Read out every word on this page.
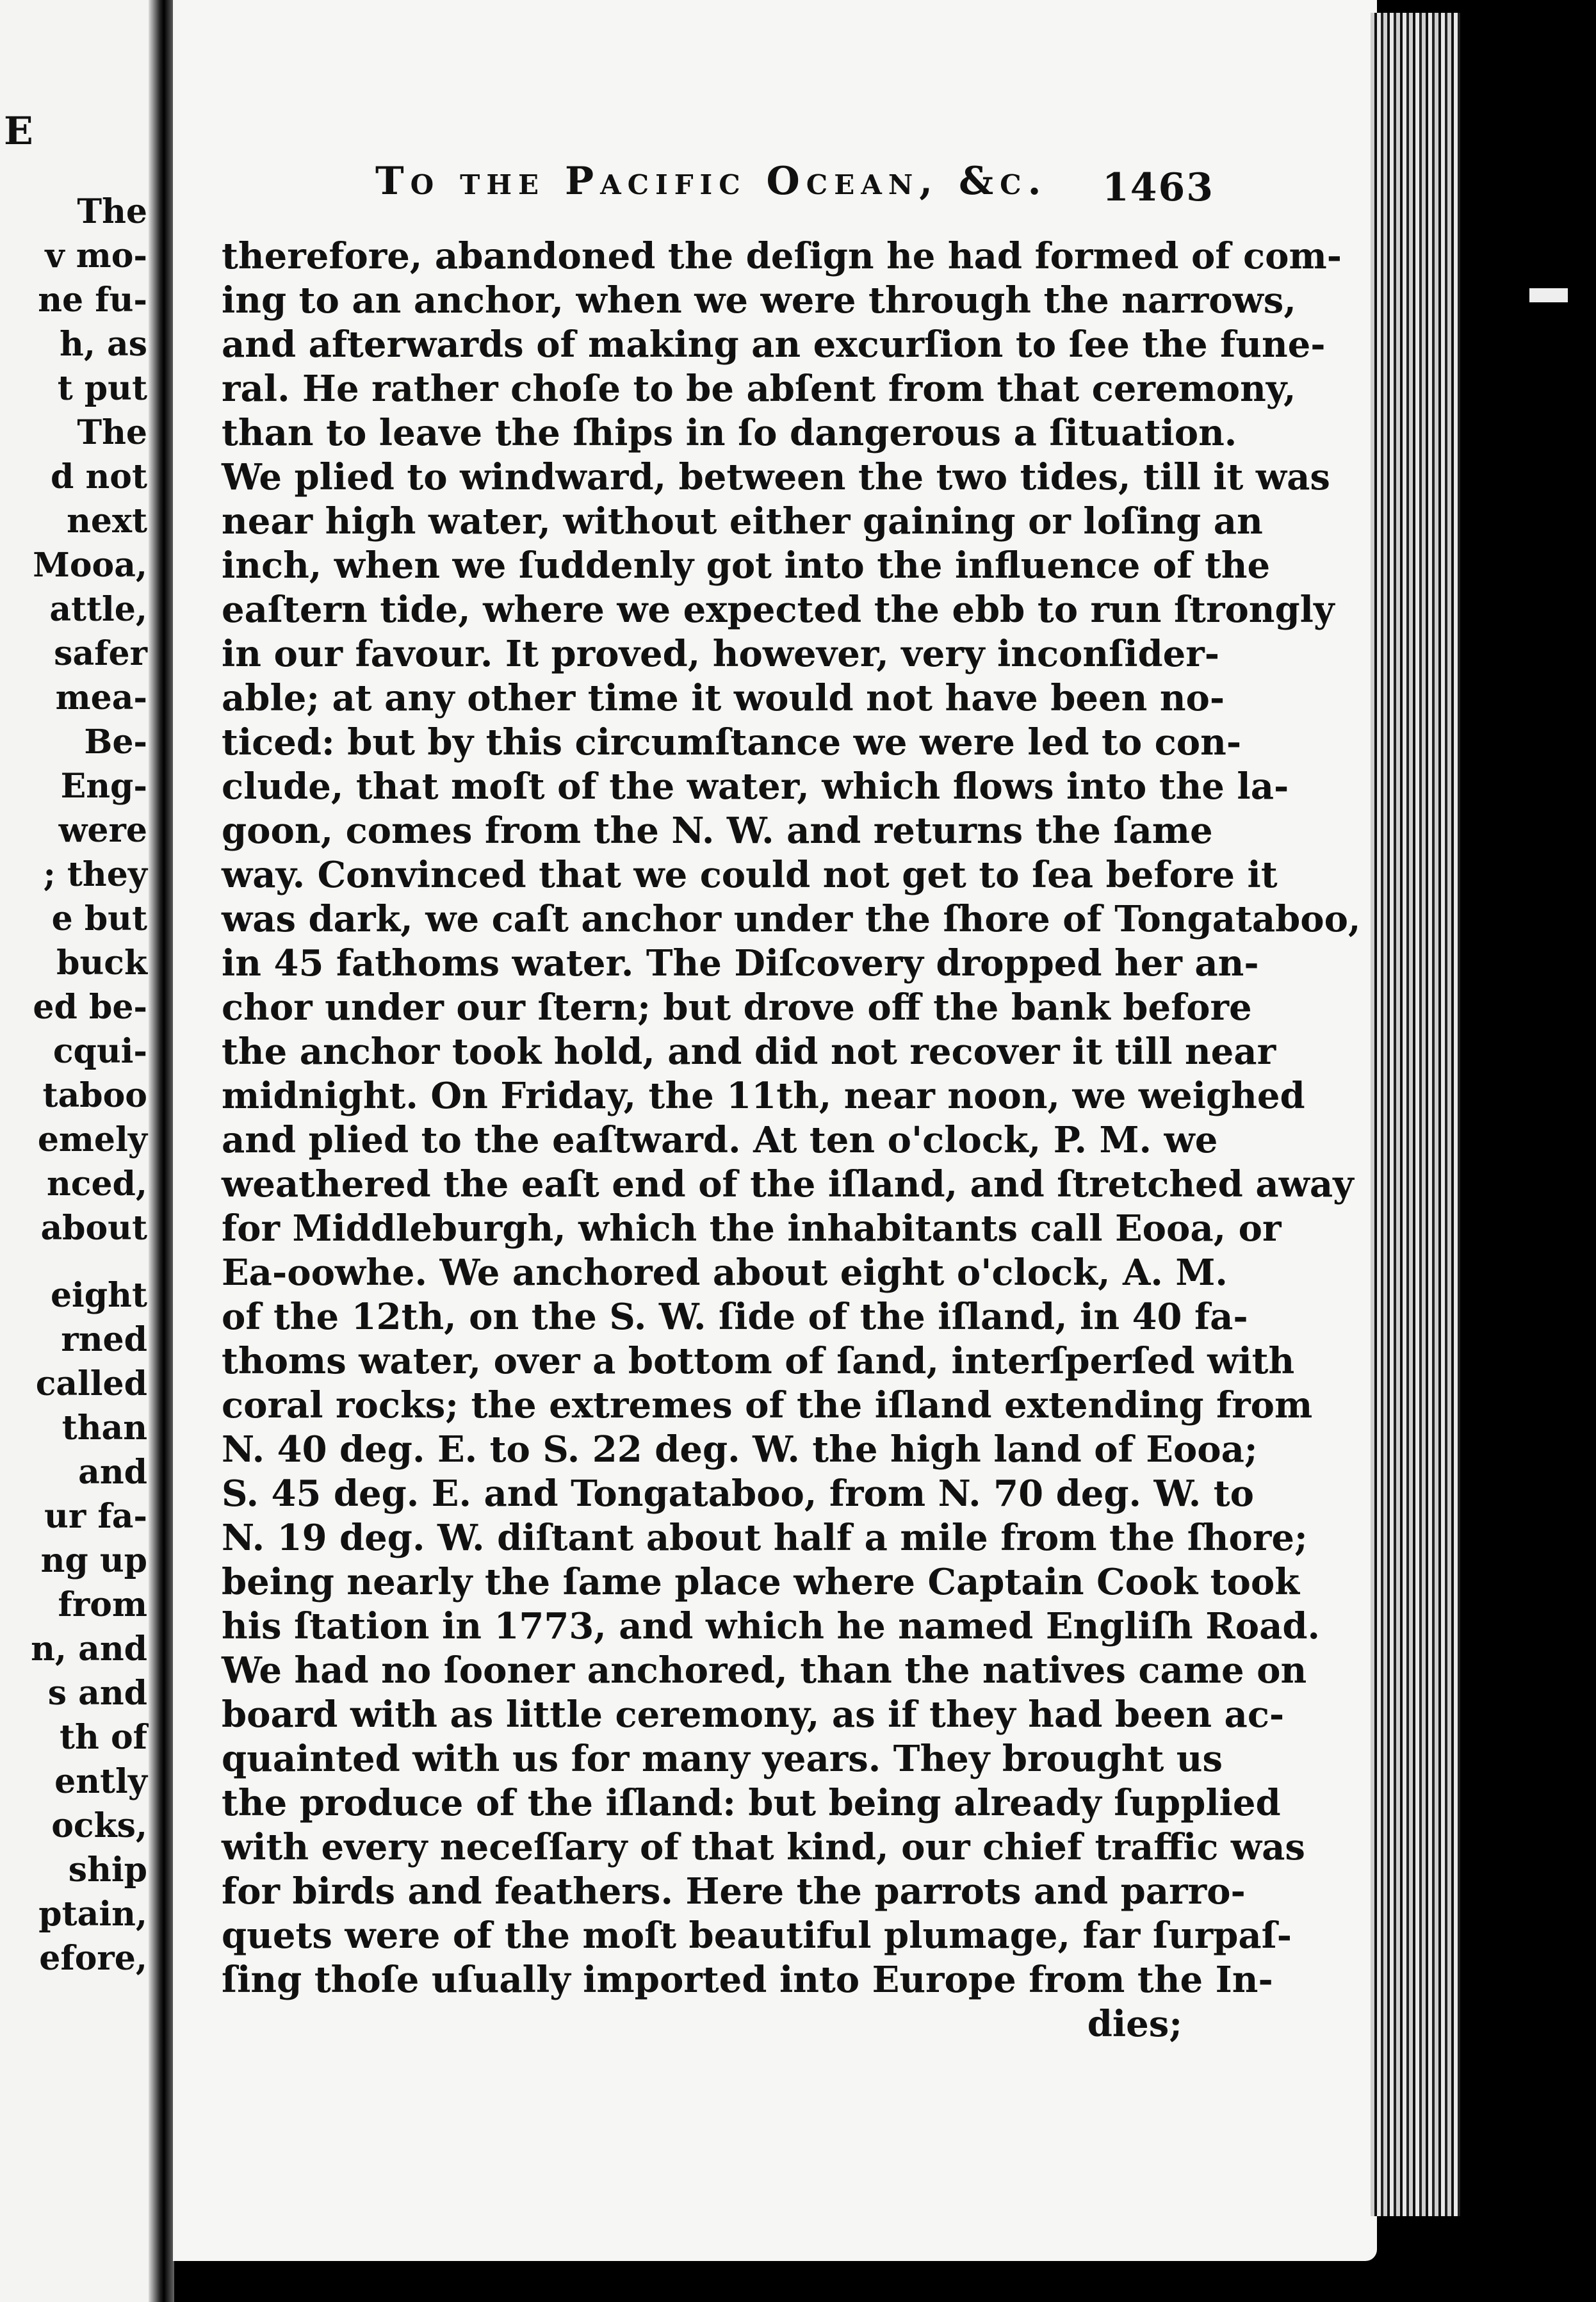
E
The
v mo-
ne fu-
h, as
t put
The
d not
next
Mooa,
attle,
safer
mea-
Be-
Eng-
were
; they
e but
buck
ed be-
cqui-
taboo
emely
nced,
about
eight
rned
called
than
and
ur fa-
ng up
from
n, and
s and
th of
ently
ocks,
ship
ptain,
efore,
To the Pacific Ocean, &c. 1463
therefore, abandoned the deſign he had formed of com-
ing to an anchor, when we were through the narrows,
and afterwards of making an excurſion to ſee the fune-
ral. He rather choſe to be abſent from that ceremony,
than to leave the ſhips in ſo dangerous a ſituation.
We plied to windward, between the two tides, till it was
near high water, without either gaining or loſing an
inch, when we ſuddenly got into the influence of the
eaſtern tide, where we expected the ebb to run ſtrongly
in our favour. It proved, however, very inconſider-
able; at any other time it would not have been no-
ticed: but by this circumſtance we were led to con-
clude, that moſt of the water, which flows into the la-
goon, comes from the N. W. and returns the ſame
way. Convinced that we could not get to ſea before it
was dark, we caſt anchor under the ſhore of Tongataboo,
in 45 fathoms water. The Diſcovery dropped her an-
chor under our ſtern; but drove off the bank before
the anchor took hold, and did not recover it till near
midnight. On Friday, the 11th, near noon, we weighed
and plied to the eaſtward. At ten o'clock, P. M. we
weathered the eaſt end of the iſland, and ſtretched away
for Middleburgh, which the inhabitants call Eooa, or
Ea-oowhe. We anchored about eight o'clock, A. M.
of the 12th, on the S. W. ſide of the iſland, in 40 fa-
thoms water, over a bottom of ſand, interſperſed with
coral rocks; the extremes of the iſland extending from
N. 40 deg. E. to S. 22 deg. W. the high land of Eooa;
S. 45 deg. E. and Tongataboo, from N. 70 deg. W. to
N. 19 deg. W. diſtant about half a mile from the ſhore;
being nearly the ſame place where Captain Cook took
his ſtation in 1773, and which he named Engliſh Road.
We had no ſooner anchored, than the natives came on
board with as little ceremony, as if they had been ac-
quainted with us for many years. They brought us
the produce of the iſland: but being already ſupplied
with every neceſſary of that kind, our chief traffic was
for birds and feathers. Here the parrots and parro-
quets were of the moſt beautiful plumage, far ſurpaſ-
ſing thoſe uſually imported into Europe from the In-
dies;
